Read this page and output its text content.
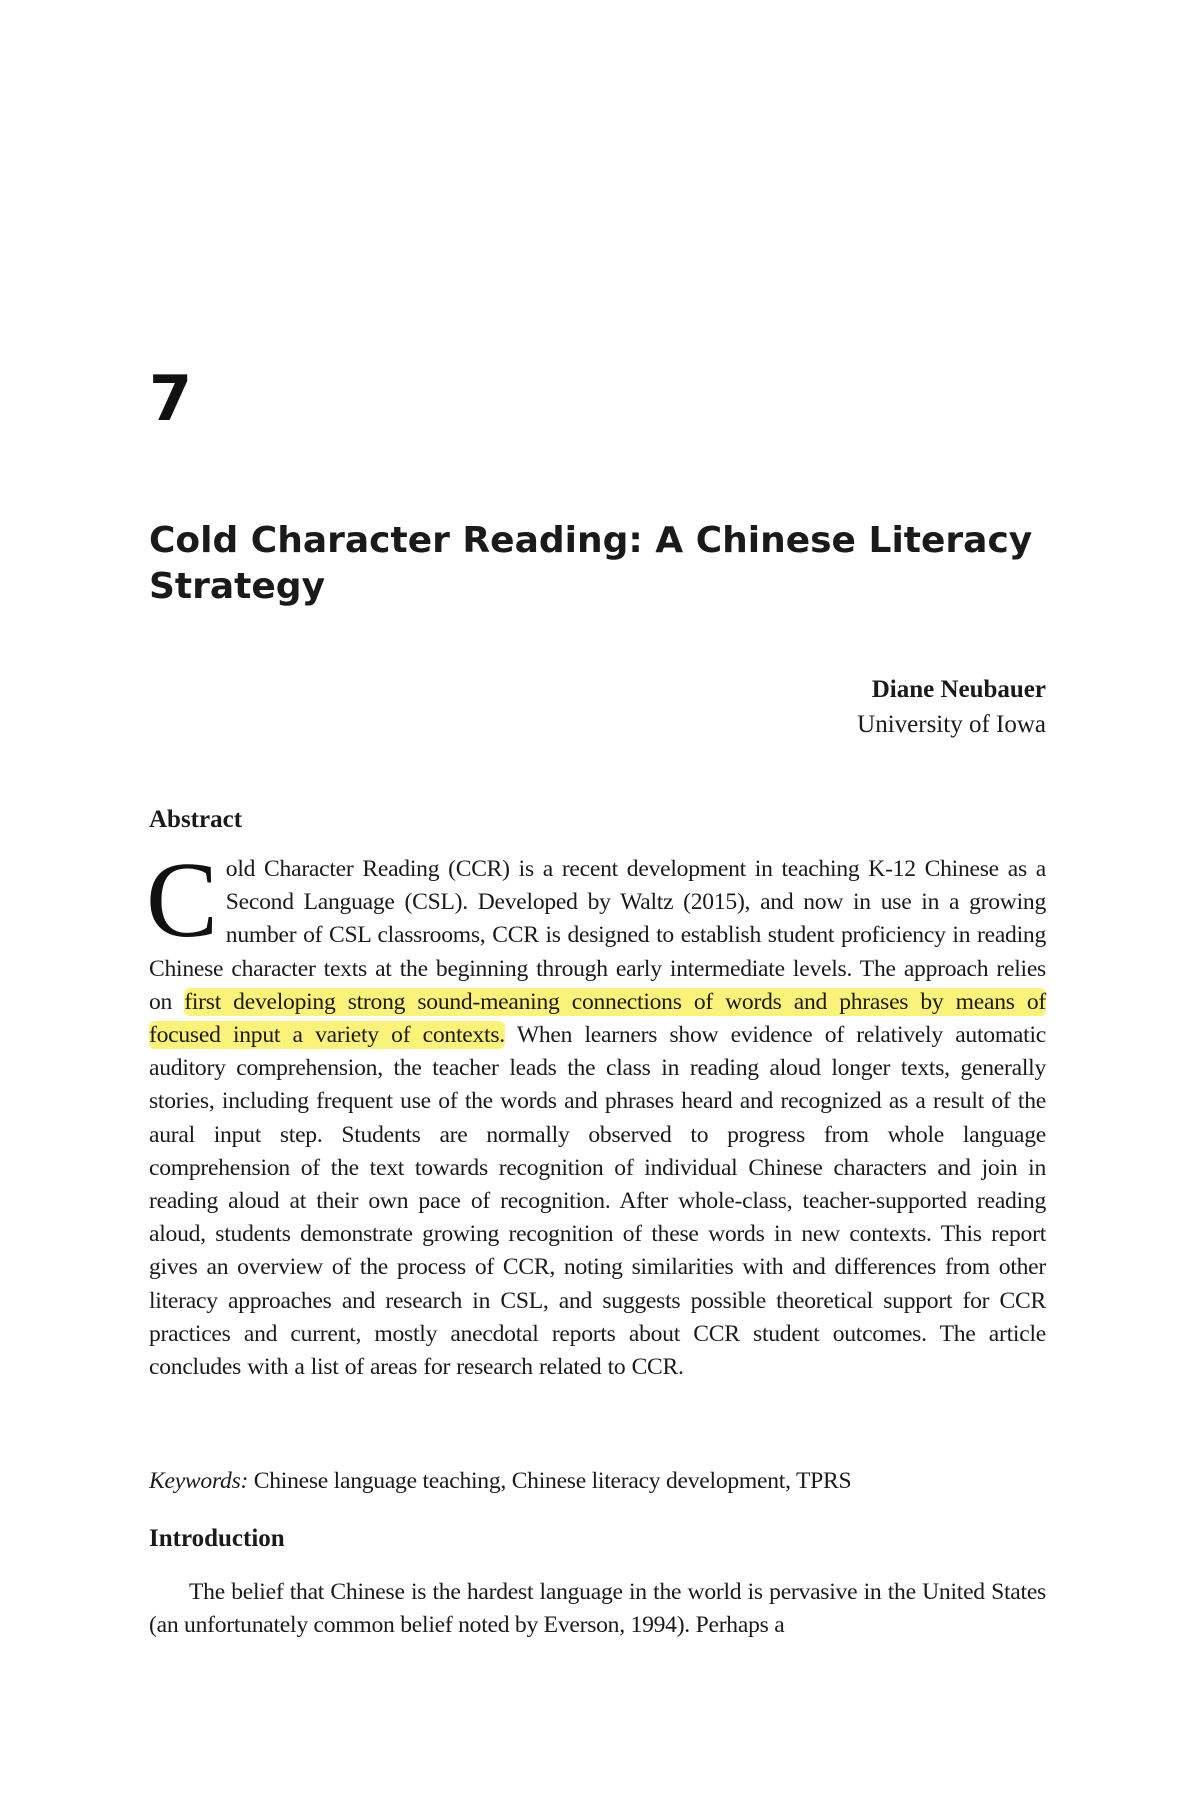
7
Cold Character Reading: A Chinese Literacy Strategy
Diane Neubauer
University of Iowa
Abstract

Cold Character Reading (CCR) is a recent development in teaching K-12 Chinese as a Second Language (CSL). Developed by Waltz (2015), and now in use in a growing number of CSL classrooms, CCR is designed to establish student proficiency in reading Chinese character texts at the beginning through early intermediate levels. The approach relies on first developing strong sound-meaning connections of words and phrases by means of focused input a variety of contexts. When learners show evidence of relatively automatic auditory comprehension, the teacher leads the class in reading aloud longer texts, generally stories, including frequent use of the words and phrases heard and recognized as a result of the aural input step. Students are normally observed to progress from whole language comprehension of the text towards recognition of individual Chinese characters and join in reading aloud at their own pace of recognition. After whole-class, teacher-supported reading aloud, students demonstrate growing recognition of these words in new contexts. This report gives an overview of the process of CCR, noting similarities with and differences from other literacy approaches and research in CSL, and suggests possible theoretical support for CCR practices and current, mostly anecdotal reports about CCR student outcomes. The article concludes with a list of areas for research related to CCR.

Keywords: Chinese language teaching, Chinese literacy development, TPRS

Introduction

The belief that Chinese is the hardest language in the world is pervasive in the United States (an unfortunately common belief noted by Everson, 1994). Perhaps a
